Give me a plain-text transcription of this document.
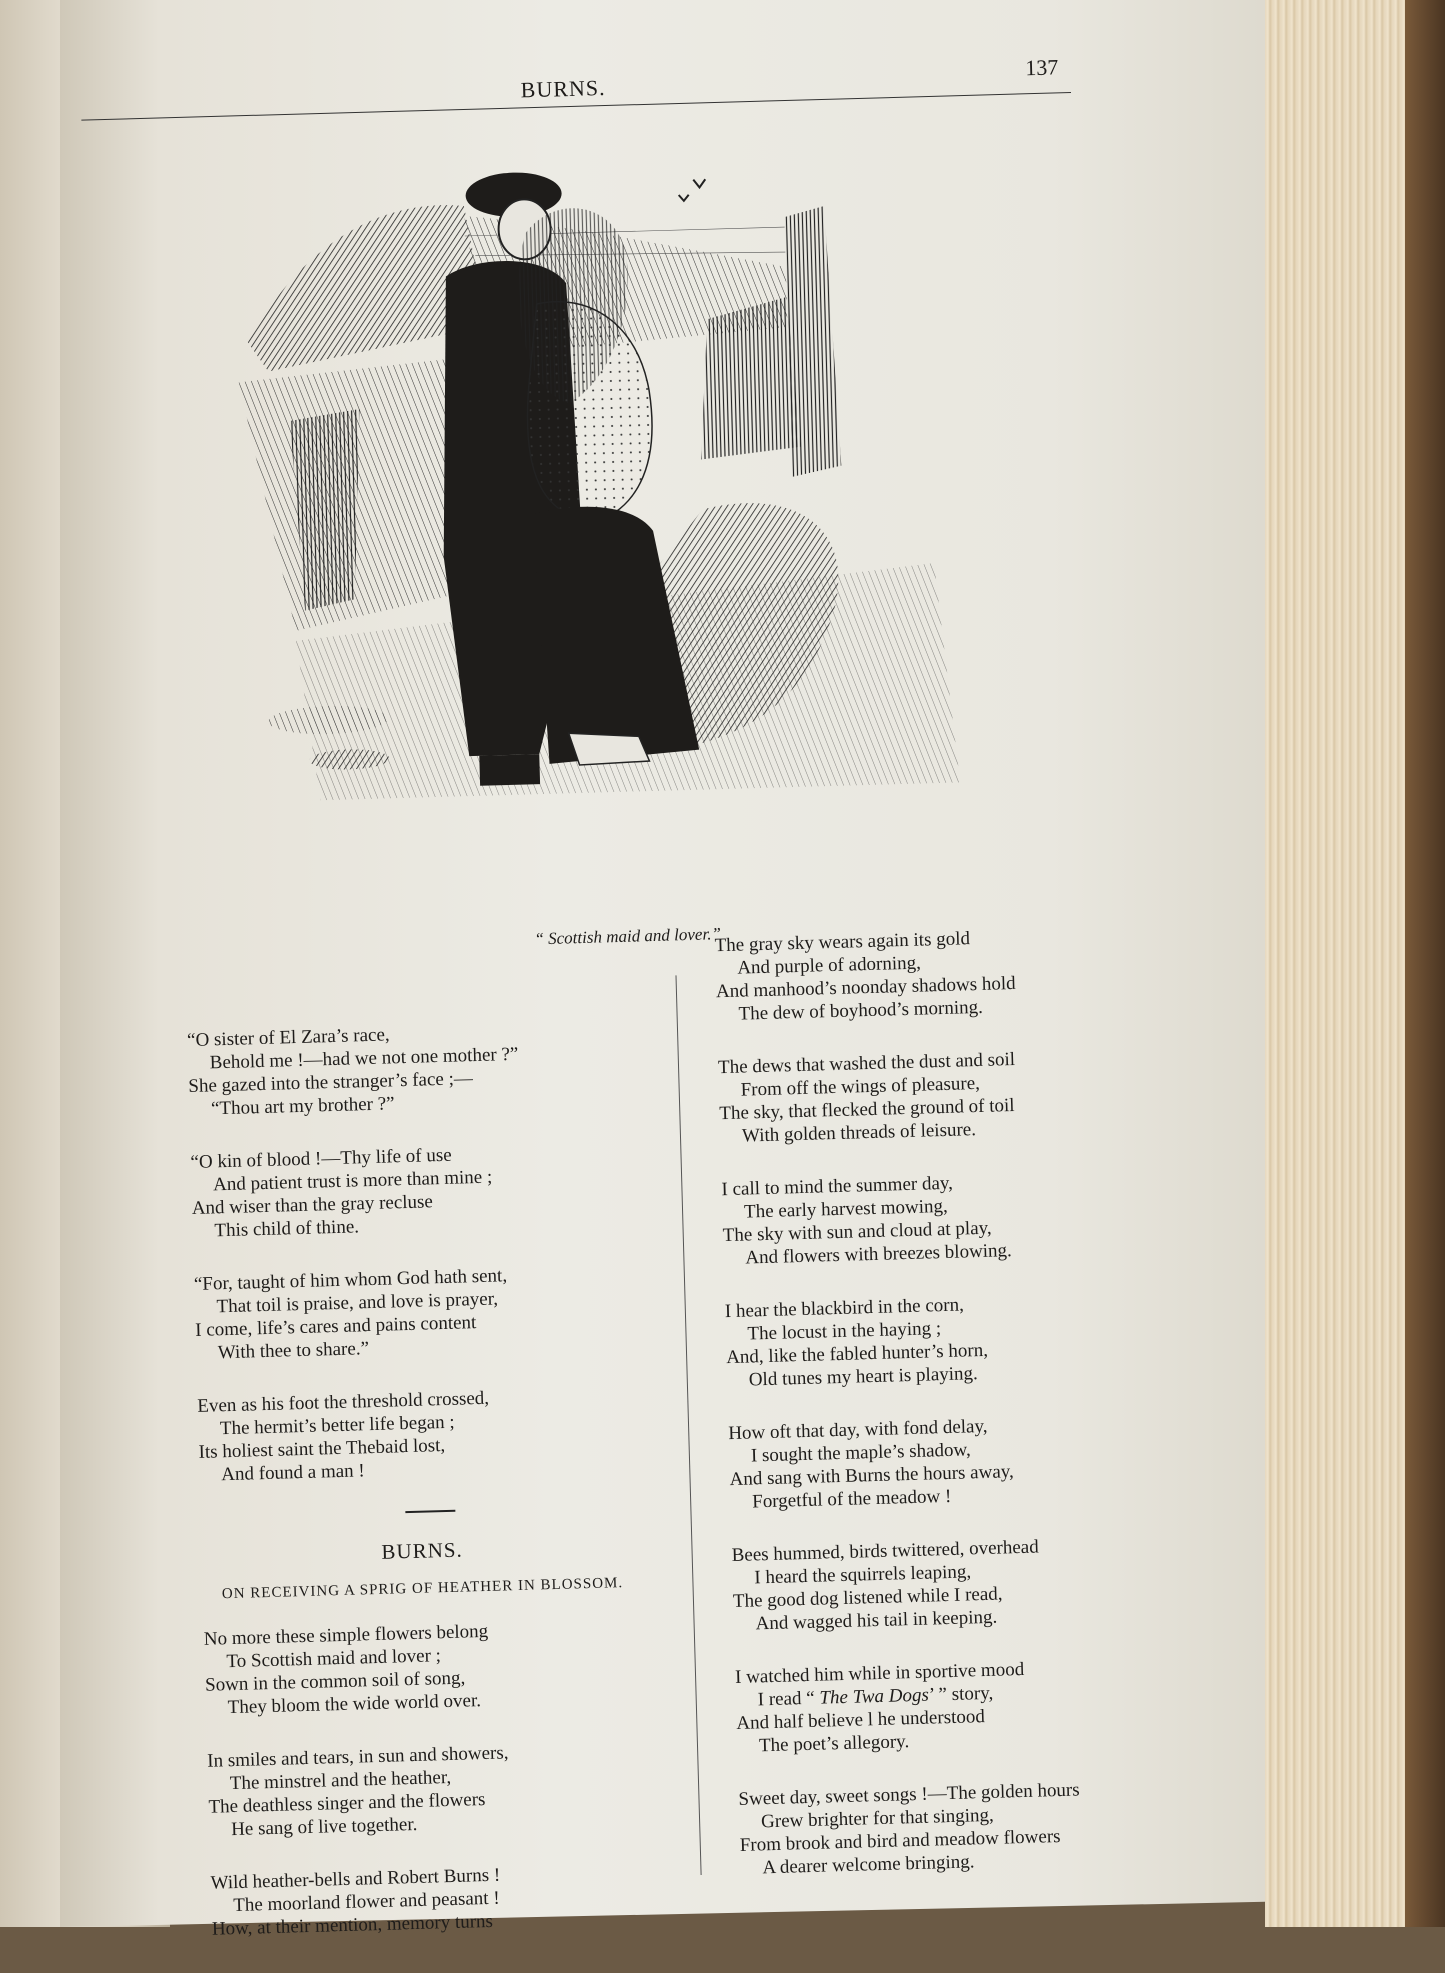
BURNS.
137
“ Scottish maid and lover.”
“O sister of El Zara’s race,
Behold me !—had we not one mother ?”
She gazed into the stranger’s face ;—
“Thou art my brother ?”
“O kin of blood !—Thy life of use
And patient trust is more than mine ;
And wiser than the gray recluse
This child of thine.
“For, taught of him whom God hath sent,
That toil is praise, and love is prayer,
I come, life’s cares and pains content
With thee to share.”
Even as his foot the threshold crossed,
The hermit’s better life began ;
Its holiest saint the Thebaid lost,
And found a man !
BURNS.
ON RECEIVING A SPRIG OF HEATHER IN BLOSSOM.
No more these simple flowers belong
To Scottish maid and lover ;
Sown in the common soil of song,
They bloom the wide world over.
In smiles and tears, in sun and showers,
The minstrel and the heather,
The deathless singer and the flowers
He sang of live together.
Wild heather-bells and Robert Burns !
The moorland flower and peasant !
How, at their mention, memory turns
The gray sky wears again its gold
And purple of adorning,
And manhood’s noonday shadows hold
The dew of boyhood’s morning.
The dews that washed the dust and soil
From off the wings of pleasure,
The sky, that flecked the ground of toil
With golden threads of leisure.
I call to mind the summer day,
The early harvest mowing,
The sky with sun and cloud at play,
And flowers with breezes blowing.
I hear the blackbird in the corn,
The locust in the haying ;
And, like the fabled hunter’s horn,
Old tunes my heart is playing.
How oft that day, with fond delay,
I sought the maple’s shadow,
And sang with Burns the hours away,
Forgetful of the meadow !
Bees hummed, birds twittered, overhead
I heard the squirrels leaping,
The good dog listened while I read,
And wagged his tail in keeping.
I watched him while in sportive mood
I read “ The Twa Dogs’ ” story,
And half believe l he understood
The poet’s allegory.
Sweet day, sweet songs !—The golden hours
Grew brighter for that singing,
From brook and bird and meadow flowers
A dearer welcome bringing.
